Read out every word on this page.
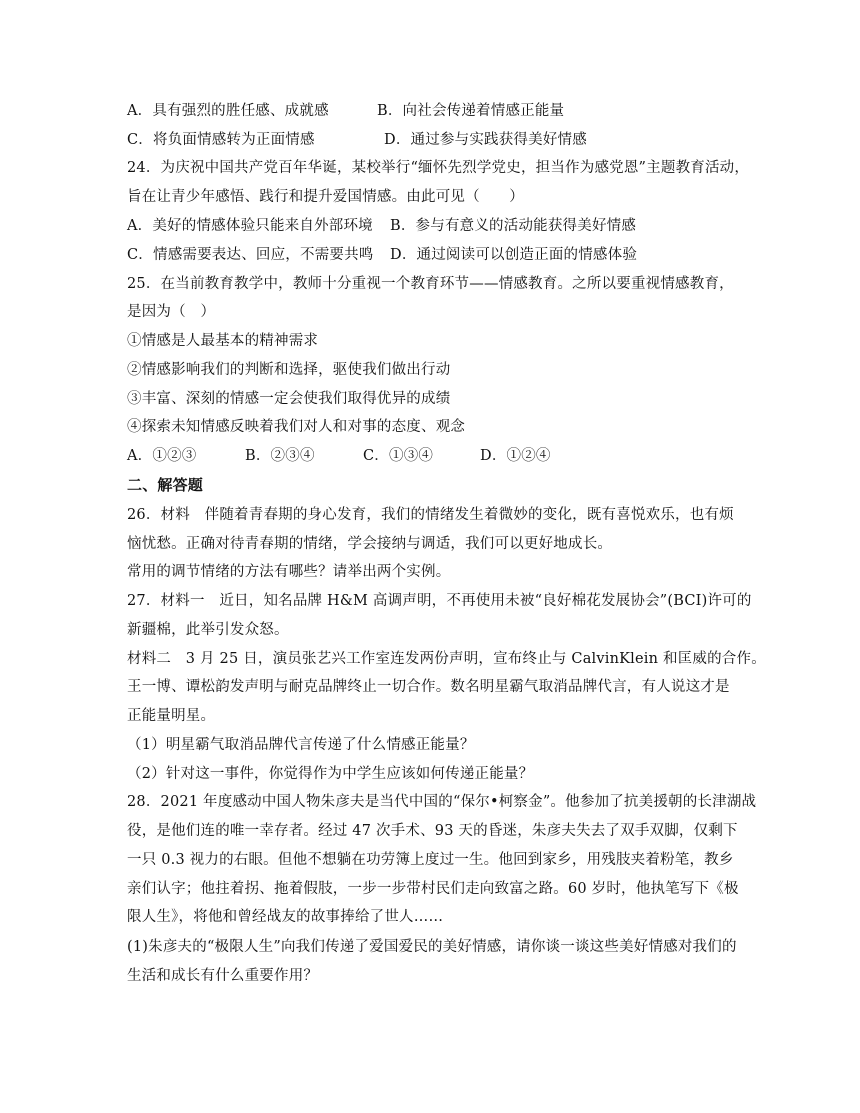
A．具有强烈的胜任感、成就感	B．向社会传递着情感正能量
C．将负面情感转为正面情感	D．通过参与实践获得美好情感
24．为庆祝中国共产党百年华诞，某校举行“缅怀先烈学党史，担当作为感党恩”主题教育活动，
旨在让青少年感悟、践行和提升爱国情感。由此可见（　　）
A．美好的情感体验只能来自外部环境 B．参与有意义的活动能获得美好情感
C．情感需要表达、回应，不需要共鸣 D．通过阅读可以创造正面的情感体验
25．在当前教育教学中，教师十分重视一个教育环节——情感教育。之所以要重视情感教育，
是因为（　）
①情感是人最基本的精神需求
②情感影响我们的判断和选择，驱使我们做出行动
③丰富、深刻的情感一定会使我们取得优异的成绩
④探索未知情感反映着我们对人和对事的态度、观念
A．①②③	B．②③④	C．①③④	D．①②④
二、解答题
26．材料　伴随着青春期的身心发育，我们的情绪发生着微妙的变化，既有喜悦欢乐，也有烦
恼忧愁。正确对待青春期的情绪，学会接纳与调适，我们可以更好地成长。
常用的调节情绪的方法有哪些？请举出两个实例。
27．材料一　近日，知名品牌 H&M 高调声明，不再使用未被“良好棉花发展协会”(BCI)许可的
新疆棉，此举引发众怒。
材料二　3 月 25 日，演员张艺兴工作室连发两份声明，宣布终止与 CalvinKlein 和匡威的合作。
王一博、谭松韵发声明与耐克品牌终止一切合作。数名明星霸气取消品牌代言，有人说这才是
正能量明星。
（1）明星霸气取消品牌代言传递了什么情感正能量？
（2）针对这一事件，你觉得作为中学生应该如何传递正能量？
28．2021 年度感动中国人物朱彦夫是当代中国的“保尔•柯察金”。他参加了抗美援朝的长津湖战
役，是他们连的唯一幸存者。经过 47 次手术、93 天的昏迷，朱彦夫失去了双手双脚，仅剩下
一只 0.3 视力的右眼。但他不想躺在功劳簿上度过一生。他回到家乡，用残肢夹着粉笔，教乡
亲们认字；他拄着拐、拖着假肢，一步一步带村民们走向致富之路。60 岁时，他执笔写下《极
限人生》，将他和曾经战友的故事捧给了世人……
(1)朱彦夫的“极限人生”向我们传递了爱国爱民的美好情感，请你谈一谈这些美好情感对我们的
生活和成长有什么重要作用？
